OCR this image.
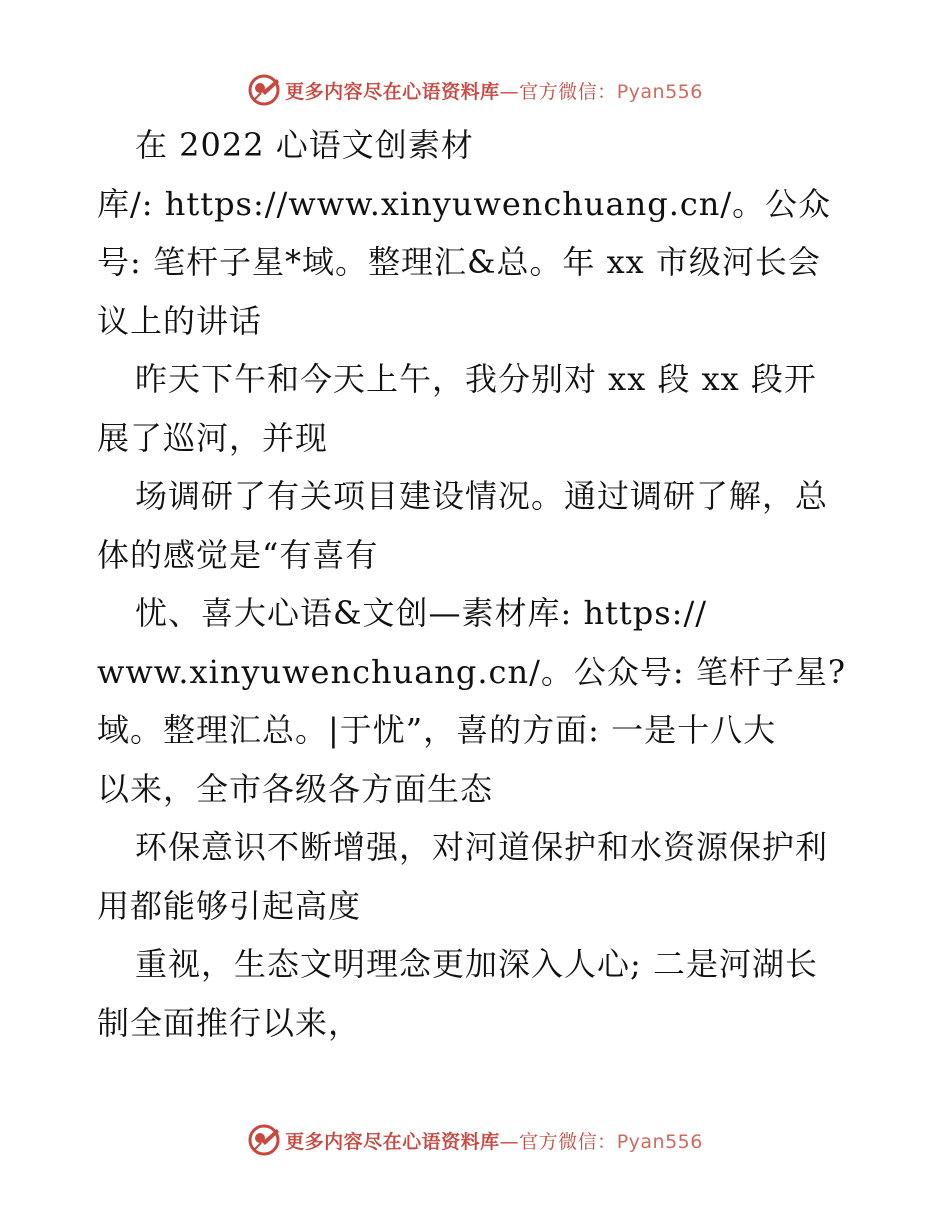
更多内容尽在心语资料库—官方微信：Pyan556
在 2022 心语文创素材
库/: https://www.xinyuwenchuang.cn/。公众
号: 笔杆子星*域。整理汇&总。年 xx 市级河长会
议上的讲话
昨天下午和今天上午，我分别对 xx 段 xx 段开
展了巡河，并现
场调研了有关项目建设情况。通过调研了解，总
体的感觉是“有喜有
忧、喜大心语&文创—素材库: https://
www.xinyuwenchuang.cn/。公众号: 笔杆子星?
域。整理汇总。|于忧”，喜的方面: 一是十八大
以来，全市各级各方面生态
环保意识不断增强，对河道保护和水资源保护利
用都能够引起高度
重视，生态文明理念更加深入人心; 二是河湖长
制全面推行以来，
更多内容尽在心语资料库—官方微信：Pyan556
